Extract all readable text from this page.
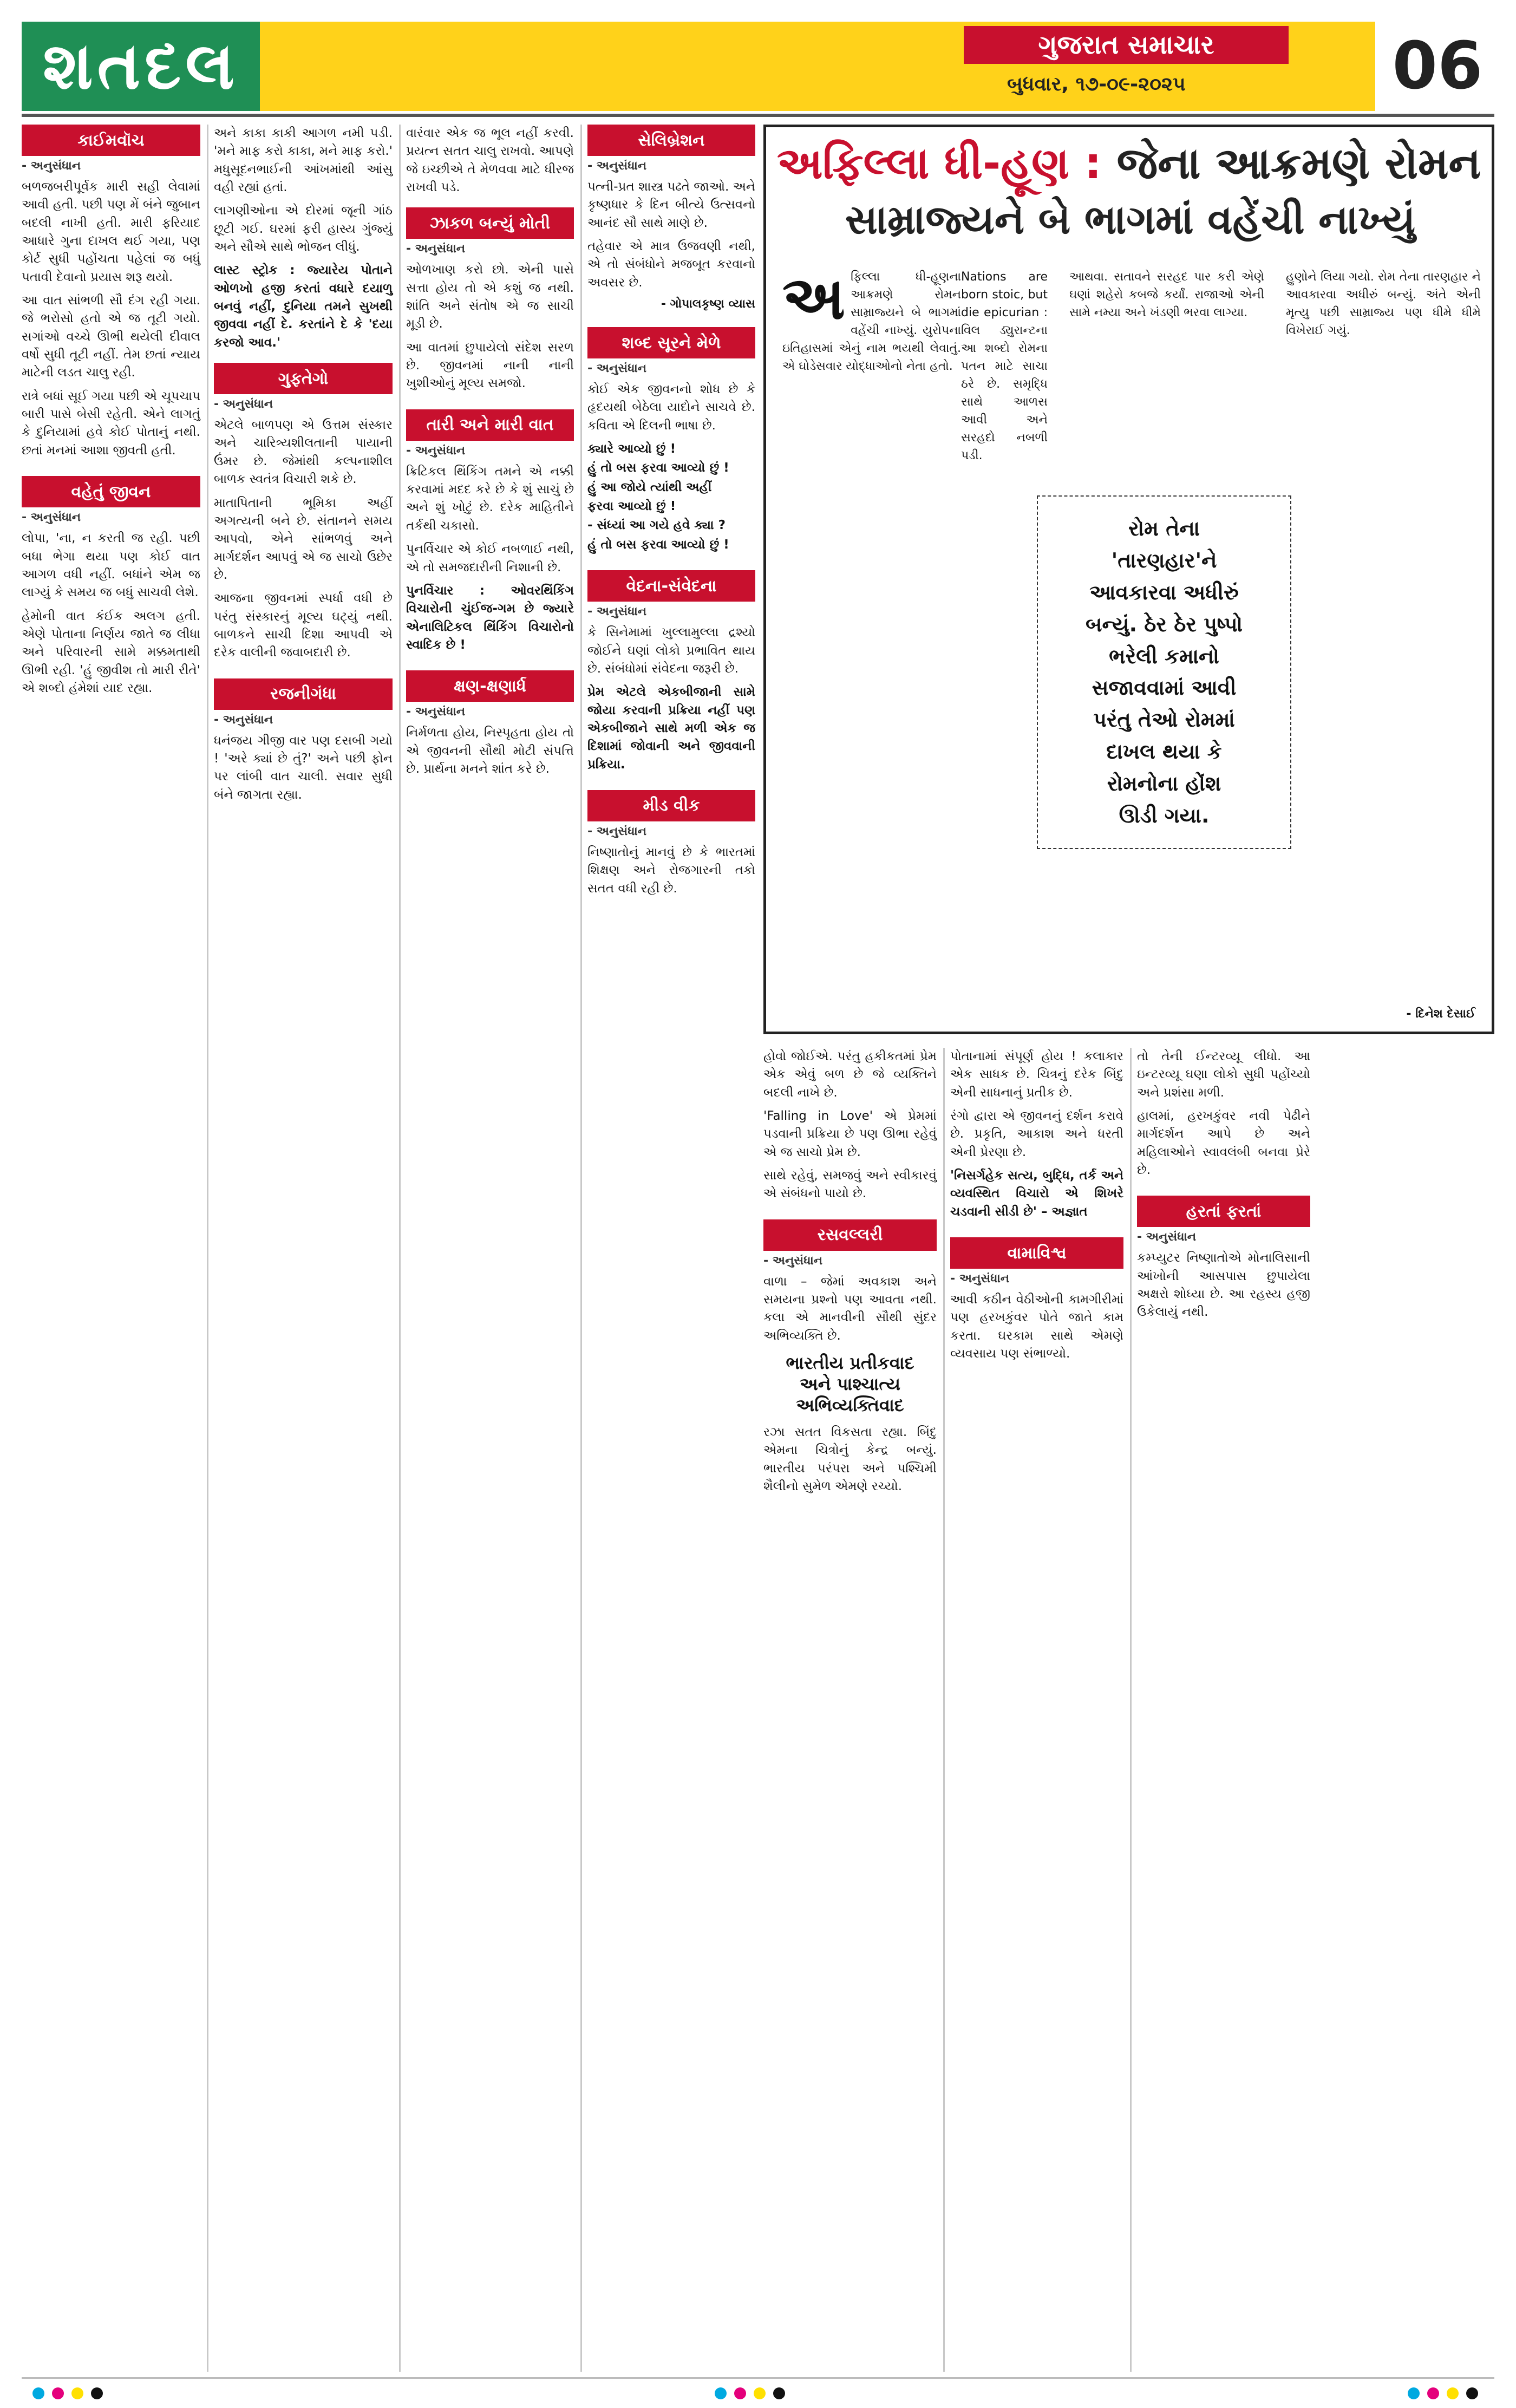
શતદલ	ગુજરાત સમાચાર
બુધવાર, ૧૭-૦૯-૨૦૨૫	06
કાઈમવૉચ
- અનુસંધાન

બળજબરીપૂર્વક મારી સહી લેવામાં આવી હતી. પછી પણ મેં બંને જુબાન બદલી નાખી હતી. મારી ફરિયાદ આધારે ગુના દાખલ થઈ ગયા, પણ કોર્ટ સુધી પહોંચતા પહેલાં જ બધું પતાવી દેવાનો પ્રયાસ શરૂ થયો.

આ વાત સાંભળી સૌ દંગ રહી ગયા. જે ભરોસો હતો એ જ તૂટી ગયો. સગાંઓ વચ્ચે ઊભી થયેલી દીવાલ વર્ષો સુધી તૂટી નહીં. તેમ છતાં ન્યાય માટેની લડત ચાલુ રહી.

રાત્રે બધાં સૂઈ ગયા પછી એ ચૂપચાપ બારી પાસે બેસી રહેતી. એને લાગતું કે દુનિયામાં હવે કોઈ પોતાનું નથી. છતાં મનમાં આશા જીવતી હતી.

વહેતું જીવન
- અનુસંધાન

લોપા, 'ના, ન કરતી જ રહી. પછી બધા ભેગા થયા પણ કોઈ વાત આગળ વધી નહીં. બધાંને એમ જ લાગ્યું કે સમય જ બધું સાચવી લેશે.

હેમોની વાત કંઈક અલગ હતી. એણે પોતાના નિર્ણય જાતે જ લીધા અને પરિવારની સામે મક્કમતાથી ઊભી રહી. 'હું જીવીશ તો મારી રીતે' એ શબ્દો હંમેશાં યાદ રહ્યા.

અને કાકા કાકી આગળ નમી પડી. 'મને માફ કરો કાકા, મને માફ કરો.' મધુસૂદનભાઈની આંખમાંથી આંસુ વહી રહ્યાં હતાં.

લાગણીઓના એ દોરમાં જૂની ગાંઠ છૂટી ગઈ. ઘરમાં ફરી હાસ્ય ગુંજ્યું અને સૌએ સાથે ભોજન લીધું.

લાસ્ટ સ્ટ્રોક : જ્યારેય પોતાને ઓળખો હજી કરતાં વધારે દયાળુ બનવું નહીં, દુનિયા તમને સુખથી જીવવા નહીં દે. કરતાંને દે કે 'દયા કરજો આવ.'

ગુફતેગો
- અનુસંધાન

એટલે બાળપણ એ ઉત્તમ સંસ્કાર અને ચારિત્ર્યશીલતાની પાયાની ઉંમર છે. જેમાંથી કલ્પનાશીલ બાળક સ્વતંત્ર વિચારી શકે છે.

માતાપિતાની ભૂમિકા અહીં અગત્યની બને છે. સંતાનને સમય આપવો, એને સાંભળવું અને માર્ગદર્શન આપવું એ જ સાચો ઉછેર છે.

આજના જીવનમાં સ્પર્ધા વધી છે પરંતુ સંસ્કારનું મૂલ્ય ઘટ્યું નથી. બાળકને સાચી દિશા આપવી એ દરેક વાલીની જવાબદારી છે.

રજનીગંધા
- અનુસંધાન

ધનંજય ગીજી વાર પણ દસબી ગયો ! 'અરે ક્યાં છે તું?' અને પછી ફોન પર લાંબી વાત ચાલી. સવાર સુધી બંને જાગતા રહ્યા.

વારંવાર એક જ ભૂલ નહીં કરવી. પ્રયત્ન સતત ચાલુ રાખવો. આપણે જે ઇચ્છીએ તે મેળવવા માટે ધીરજ રાખવી પડે.

ઝાકળ બન્યું મોતી
- અનુસંધાન

ઓળખાણ કરો છો. એની પાસે સત્તા હોય તો એ કશું જ નથી. શાંતિ અને સંતોષ એ જ સાચી મૂડી છે.

આ વાતમાં છુપાયેલો સંદેશ સરળ છે. જીવનમાં નાની નાની ખુશીઓનું મૂલ્ય સમજો.

તારી અને મારી વાત
- અનુસંધાન

ક્રિટિકલ થિંકિંગ તમને એ નક્કી કરવામાં મદદ કરે છે કે શું સાચું છે અને શું ખોટું છે. દરેક માહિતીને તર્કથી ચકાસો.

પુનર્વિચાર એ કોઈ નબળાઈ નથી, એ તો સમજદારીની નિશાની છે.

પુનર્વિચાર : ઓવરથિંકિંગ વિચારોની ચુંઈજ-ગમ છે જ્યારે એનાલિટિકલ થિંકિંગ વિચારોનો સ્વાદિક છે !

ક્ષણ-ક્ષણાર્ધ
- અનુસંધાન

નિર્મળતા હોય, નિસ્પૃહતા હોય તો એ જીવનની સૌથી મોટી સંપત્તિ છે. પ્રાર્થના મનને શાંત કરે છે.

સેલિબ્રેશન
- અનુસંધાન

પત્ની-પ્રત શાસ્ત્ર પઢતે જાઓ. અને કૃષ્ણધાર કે દિન બીત્યે ઉત્સવનો આનંદ સૌ સાથે માણે છે.

તહેવાર એ માત્ર ઉજવણી નથી, એ તો સંબંધોને મજબૂત કરવાનો અવસર છે.

- ગોપાલકૃષ્ણ વ્યાસ
શબ્દ સૂરને મેળે
- અનુસંધાન

કોઈ એક જીવનનો શોધ છે કે હૃદયથી બેઠેલા યાદોને સાચવે છે. કવિતા એ દિલની ભાષા છે.

ક્યારે આવ્યો છું !
હું તો બસ ફરવા આવ્યો છું !
હું આ જોયે ત્યાંથી અહીં
ફરવા આવ્યો છું !
- સંધ્યાં આ ગયે હવે ક્યા ?
હું તો બસ ફરવા આવ્યો છું !
વેદના-સંવેદના
- અનુસંધાન

કે સિનેમામાં ખુલ્લામુલ્લા દ્રશ્યો જોઈને ઘણાં લોકો પ્રભાવિત થાય છે. સંબંધોમાં સંવેદના જરૂરી છે.

પ્રેમ એટલે એકબીજાની સામે જોયા કરવાની પ્રક્રિયા નહીં પણ એકબીજાને સાથે મળી એક જ દિશામાં જોવાની અને જીવવાની પ્રક્રિયા.

મીડ વીક
- અનુસંધાન

નિષ્ણાતોનું માનવું છે કે ભારતમાં શિક્ષણ અને રોજગારની તકો સતત વધી રહી છે.

અફિલ્લા ધી-હૂણ : જેના આક્રમણે રોમન
સામ્રાજ્યને બે ભાગમાં વહેંચી નાખ્યું
અ ફિલ્લા ધી-હૂણના આક્રમણે રોમન સામ્રાજ્યને બે ભાગમાં વહેંચી નાખ્યું. યુરોપના ઇતિહાસમાં એનું નામ ભયથી લેવાતું. એ ઘોડેસવાર યોદ્ધાઓનો નેતા હતો.
Nations are born stoic, but die epicurian : વિલ ડ્યુરાન્ટના આ શબ્દો રોમના પતન માટે સાચા ઠરે છે. સમૃદ્ધિ સાથે આળસ આવી અને સરહદો નબળી પડી.
આથવા. સતાવને સરહદ પાર કરી એણે ઘણાં શહેરો કબજે કર્યાં. રાજાઓ એની સામે નમ્યા અને ખંડણી ભરવા લાગ્યા.
હુણોને લિયા ગયો. રોમ તેના તારણહાર ને આવકારવા અધીરું બન્યું. અંતે એની મૃત્યુ પછી સામ્રાજ્ય પણ ધીમે ધીમે વિખેરાઈ ગયું.
રોમ તેના
'તારણહાર'ને
આવકારવા અધીરું
બન્યું. ઠેર ઠેર પુષ્પો
ભરેલી કમાનો
સજાવવામાં આવી
પરંતુ તેઓ રોમમાં
દાખલ થયા કે
રોમનોના હોંશ
ઊડી ગયા.
- દિનેશ દેસાઈ

હોવો જોઈએ. પરંતુ હકીકતમાં પ્રેમ એક એવું બળ છે જે વ્યક્તિને બદલી નાખે છે.

'Falling in Love' એ પ્રેમમાં પડવાની પ્રક્રિયા છે પણ ઊભા રહેવું એ જ સાચો પ્રેમ છે.

સાથે રહેવું, સમજવું અને સ્વીકારવું એ સંબંધનો પાયો છે.

રસવલ્લરી
- અનુસંધાન

વાળા – જેમાં અવકાશ અને સમયના પ્રશ્નો પણ આવતા નથી. કલા એ માનવીની સૌથી સુંદર અભિવ્યક્તિ છે.

ભારતીય પ્રતીકવાદ
અને પાશ્ચાત્ય
અભિવ્યક્તિવાદ

રઝા સતત વિકસતા રહ્યા. બિંદુ એમના ચિત્રોનું કેન્દ્ર બન્યું. ભારતીય પરંપરા અને પશ્ચિમી શૈલીનો સુમેળ એમણે રચ્યો.

પોતાનામાં સંપૂર્ણ હોય ! કલાકાર એક સાધક છે. ચિત્રનું દરેક બિંદુ એની સાધનાનું પ્રતીક છે.

રંગો દ્વારા એ જીવનનું દર્શન કરાવે છે. પ્રકૃતિ, આકાશ અને ધરતી એની પ્રેરણા છે.

'નિસર્ગહેક સત્ય, બુદ્ધિ, તર્ક અને વ્યવસ્થિત વિચારો એ શિખરે ચડવાની સીડી છે' – અજ્ઞાત

વામાવિશ્વ
- અનુસંધાન

આવી કઠીન વેઠીઓની કામગીરીમાં પણ હરખકુંવર પોતે જાતે કામ કરતા. ઘરકામ સાથે એમણે વ્યવસાય પણ સંભાળ્યો.

તો તેની ઈન્ટરવ્યૂ લીધો. આ ઇન્ટરવ્યૂ ઘણા લોકો સુધી પહોંચ્યો અને પ્રશંસા મળી.

હાલમાં, હરખકુંવર નવી પેઢીને માર્ગદર્શન આપે છે અને મહિલાઓને સ્વાવલંબી બનવા પ્રેરે છે.

હરતાં ફરતાં
- અનુસંધાન

કમ્પ્યુટર નિષ્ણાતોએ મોનાલિસાની આંખોની આસપાસ છુપાયેલા અક્ષરો શોધ્યા છે. આ રહસ્ય હજી ઉકેલાયું નથી.
